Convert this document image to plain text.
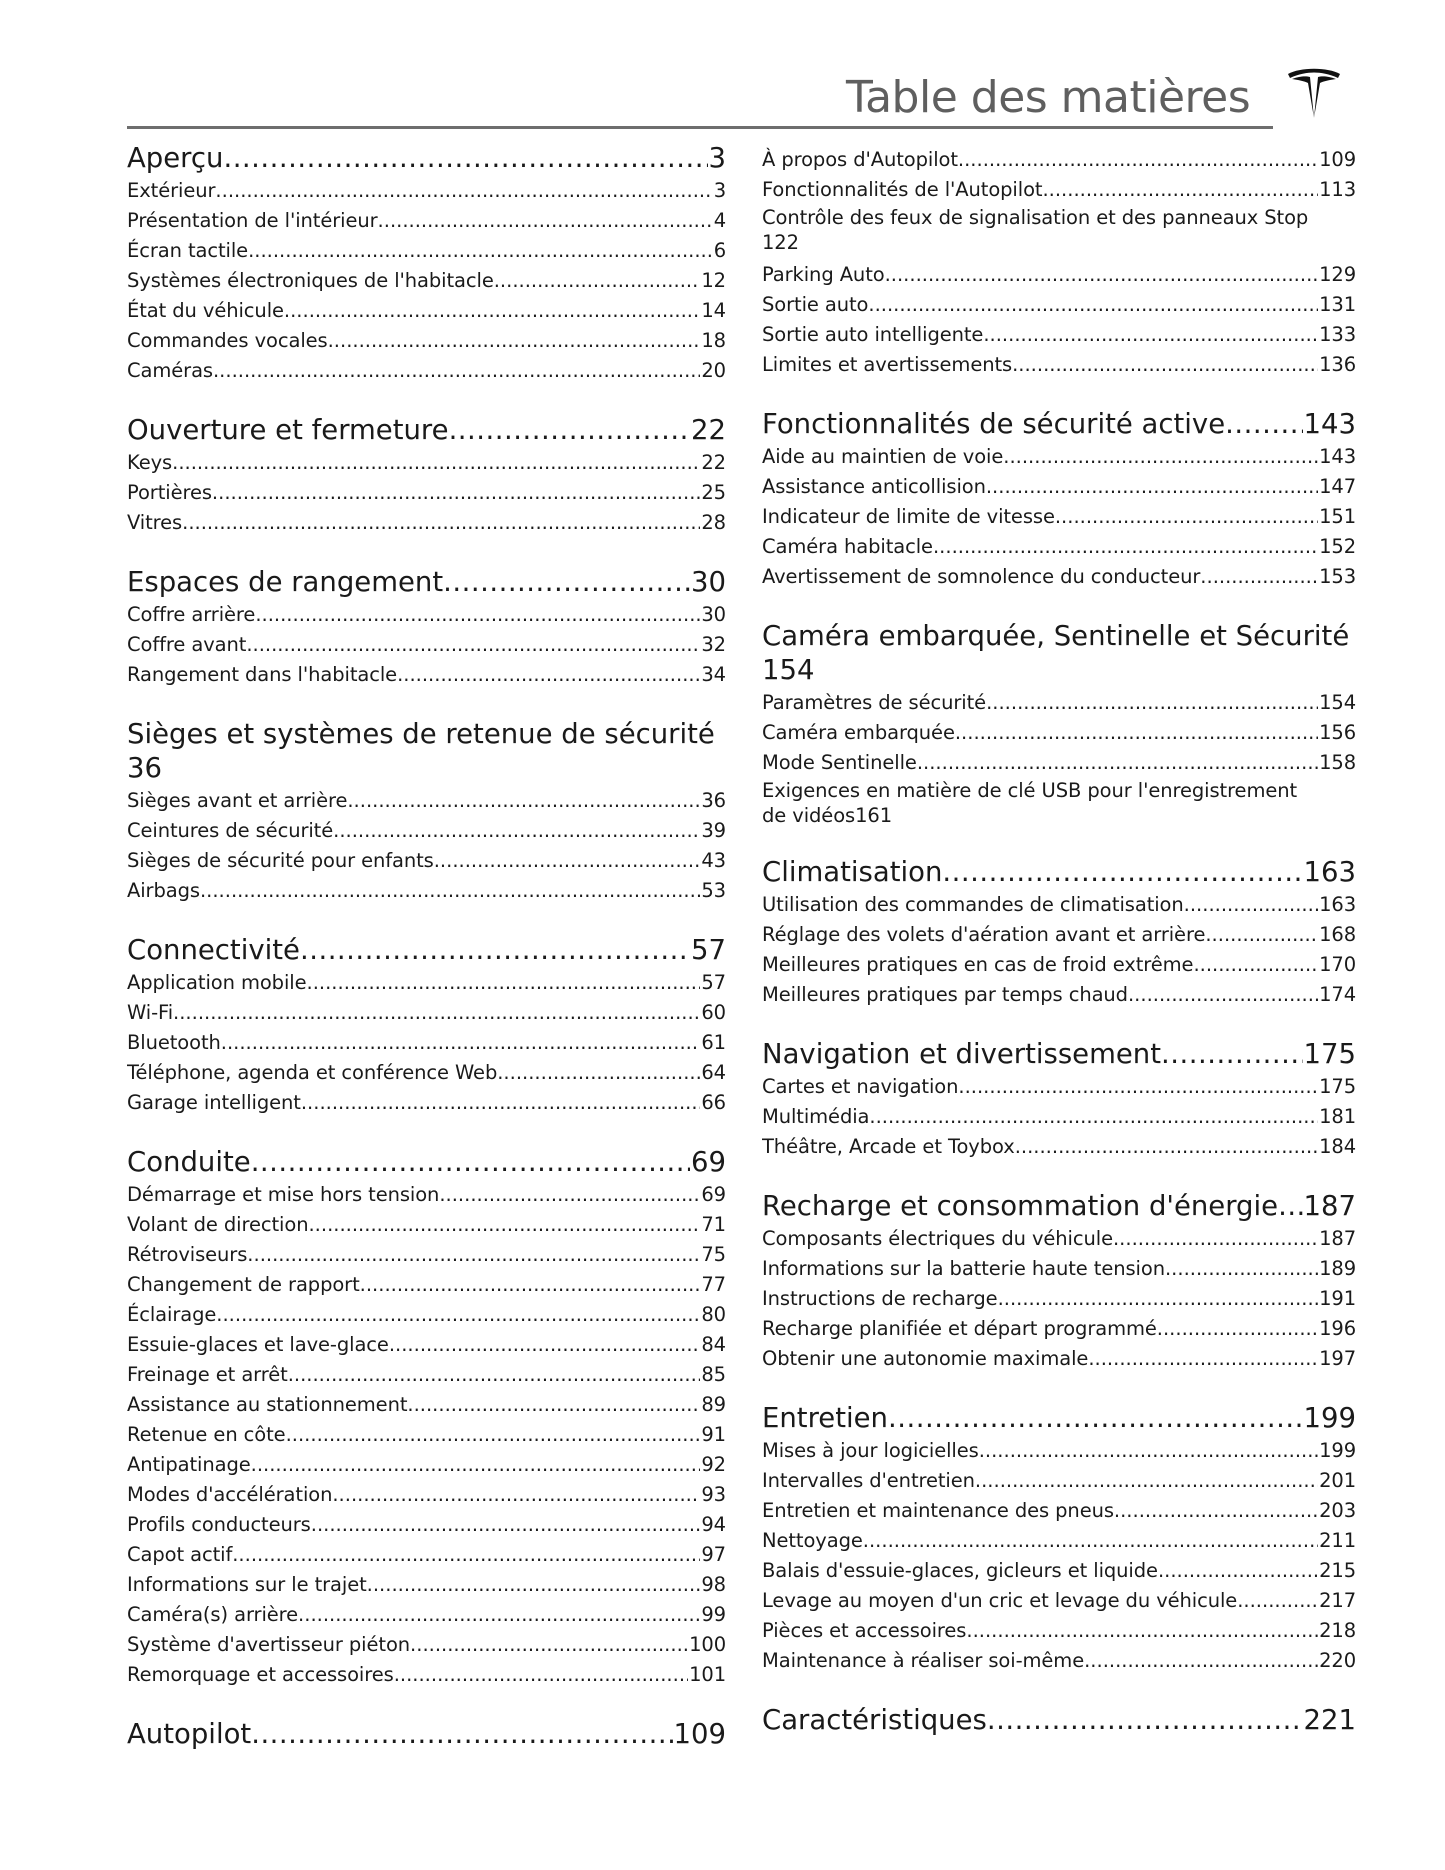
Table des matières
Aperçu .....	3
Extérieur .....	3
Présentation de l'intérieur .....	4
Écran tactile .....	6
Systèmes électroniques de l'habitacle .....	12
État du véhicule .....	14
Commandes vocales .....	18
Caméras .....	20
Ouverture et fermeture .....	22
Keys .....	22
Portières .....	25
Vitres .....	28
Espaces de rangement .....	30
Coffre arrière .....	30
Coffre avant .....	32
Rangement dans l'habitacle .....	34
Sièges et systèmes de retenue de sécurité
36
Sièges avant et arrière .....	36
Ceintures de sécurité .....	39
Sièges de sécurité pour enfants .....	43
Airbags .....	53
Connectivité .....	57
Application mobile .....	57
Wi-Fi .....	60
Bluetooth .....	61
Téléphone, agenda et conférence Web .....	64
Garage intelligent .....	66
Conduite .....	69
Démarrage et mise hors tension .....	69
Volant de direction .....	71
Rétroviseurs .....	75
Changement de rapport .....	77
Éclairage .....	80
Essuie-glaces et lave-glace .....	84
Freinage et arrêt .....	85
Assistance au stationnement .....	89
Retenue en côte .....	91
Antipatinage .....	92
Modes d'accélération .....	93
Profils conducteurs .....	94
Capot actif .....	97
Informations sur le trajet .....	98
Caméra(s) arrière .....	99
Système d'avertisseur piéton .....	100
Remorquage et accessoires .....	101
Autopilot .....	109
À propos d'Autopilot .....	109
Fonctionnalités de l'Autopilot .....	113
Contrôle des feux de signalisation et des panneaux Stop
122
Parking Auto .....	129
Sortie auto .....	131
Sortie auto intelligente .....	133
Limites et avertissements .....	136
Fonctionnalités de sécurité active .....	143
Aide au maintien de voie .....	143
Assistance anticollision .....	147
Indicateur de limite de vitesse .....	151
Caméra habitacle .....	152
Avertissement de somnolence du conducteur .....	153
Caméra embarquée, Sentinelle et Sécurité
154
Paramètres de sécurité .....	154
Caméra embarquée .....	156
Mode Sentinelle .....	158
Exigences en matière de clé USB pour l'enregistrement
de vidéos 161
Climatisation .....	163
Utilisation des commandes de climatisation .....	163
Réglage des volets d'aération avant et arrière .....	168
Meilleures pratiques en cas de froid extrême .....	170
Meilleures pratiques par temps chaud .....	174
Navigation et divertissement .....	175
Cartes et navigation .....	175
Multimédia .....	181
Théâtre, Arcade et Toybox .....	184
Recharge et consommation d'énergie ..... 187
Composants électriques du véhicule .....	187
Informations sur la batterie haute tension .....	189
Instructions de recharge .....	191
Recharge planifiée et départ programmé .....	196
Obtenir une autonomie maximale .....	197
Entretien .....	199
Mises à jour logicielles .....	199
Intervalles d'entretien .....	201
Entretien et maintenance des pneus .....	203
Nettoyage .....	211
Balais d'essuie-glaces, gicleurs et liquide .....	215
Levage au moyen d'un cric et levage du véhicule .....	217
Pièces et accessoires .....	218
Maintenance à réaliser soi-même .....	220
Caractéristiques .....	221
